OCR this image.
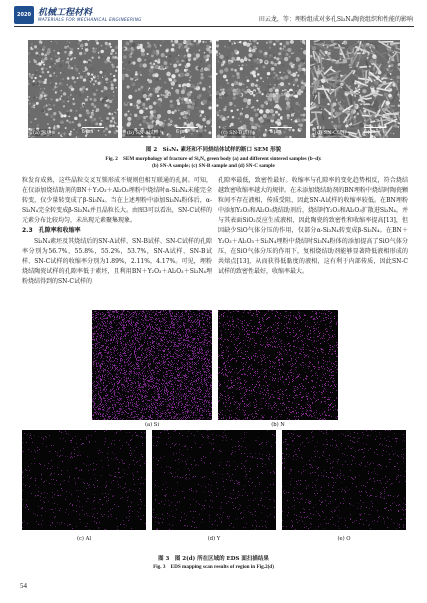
2020 机械工程材料
MATERIALS FOR MECHANICAL ENGINEERING	田云龙，等：埋粉组成对多孔Si₃N₄陶瓷组织和性能的影响
6 μm
(a) 未烧	6 μm
(b) SN-A试样	6 μm
(c) SN-B试样	6 μm
(d) SN-C试样
图 2　Si₃N₄ 素坯和不同烧结体试样的断口 SEM 形貌
Fig. 2　SEM morphology of fracture of Si₃N₄ green body (a) and different sintered samples (b–d):
(b) SN-A sample; (c) SN-B sample and (d) SN-C sample

粒发育成熟，这些晶粒交叉互锁形成不规则但相互联通的孔洞。可知，在仅添加烧结助剂的BN＋Y₂O₃＋Al₂O₃埋粉中烧结时α-Si₃N₄未能完全转变，仅少量转变成了β-Si₃N₄。当在上述埋粉中添加Si₃N₄粉体后，α-Si₃N₄完全转变成β-Si₃N₄并且晶粒长大。由图3可以看出，SN-C试样的元素分布比较均匀，未出现元素聚集现象。

2.3　孔隙率和收缩率

Si₃N₄素坯及其烧结后的SN-A试样、SN-B试样、SN-C试样的孔隙率分别为56.7%，55.8%，55.2%，53.7%，SN-A试样、SN-B试样、SN-C试样的收缩率分别为1.89%，2.11%，4.17%。可见，埋粉烧结陶瓷试样的孔隙率低于素坯，且利用BN＋Y₂O₃＋Al₂O₃＋Si₃N₄埋粉烧结得到的SN-C试样的

孔隙率最低，致密性最好。收缩率与孔隙率的变化趋势相反，符合烧结越致密收缩率越大的规律。在未添加烧结助剂的BN埋粉中烧结时陶瓷颗粒间不存在液相，传质受阻，因此SN-A试样的收缩率较低。在BN埋粉中添加Y₂O₃和Al₂O₃烧结助剂后，烧结时Y₂O₃和Al₂O₃扩散进Si₃N₄，并与其表面SiO₂反应生成液相，因此陶瓷的致密性和收缩率提高[13]，但因缺少SiO气体分压的作用，仅部分α-Si₃N₄转变成β-Si₃N₄。在BN＋Y₂O₃＋Al₂O₃＋Si₃N₄埋粉中烧结时Si₃N₄粉体的添加提高了SiO气体分压，在SiO气体分压的作用下，复相烧结助剂能够显著降低液相形成的共熔点[13]，从而获得低黏度的液相，这有利于内部传质，因此SN-C试样的致密性最好，收缩率最大。

(a) Si	(b) N
(c) Al	(d) Y	(e) O
图 3　图 2(d) 所在区域的 EDS 面扫描结果
Fig. 3　EDS mapping scan results of region in Fig.2(d)
54
